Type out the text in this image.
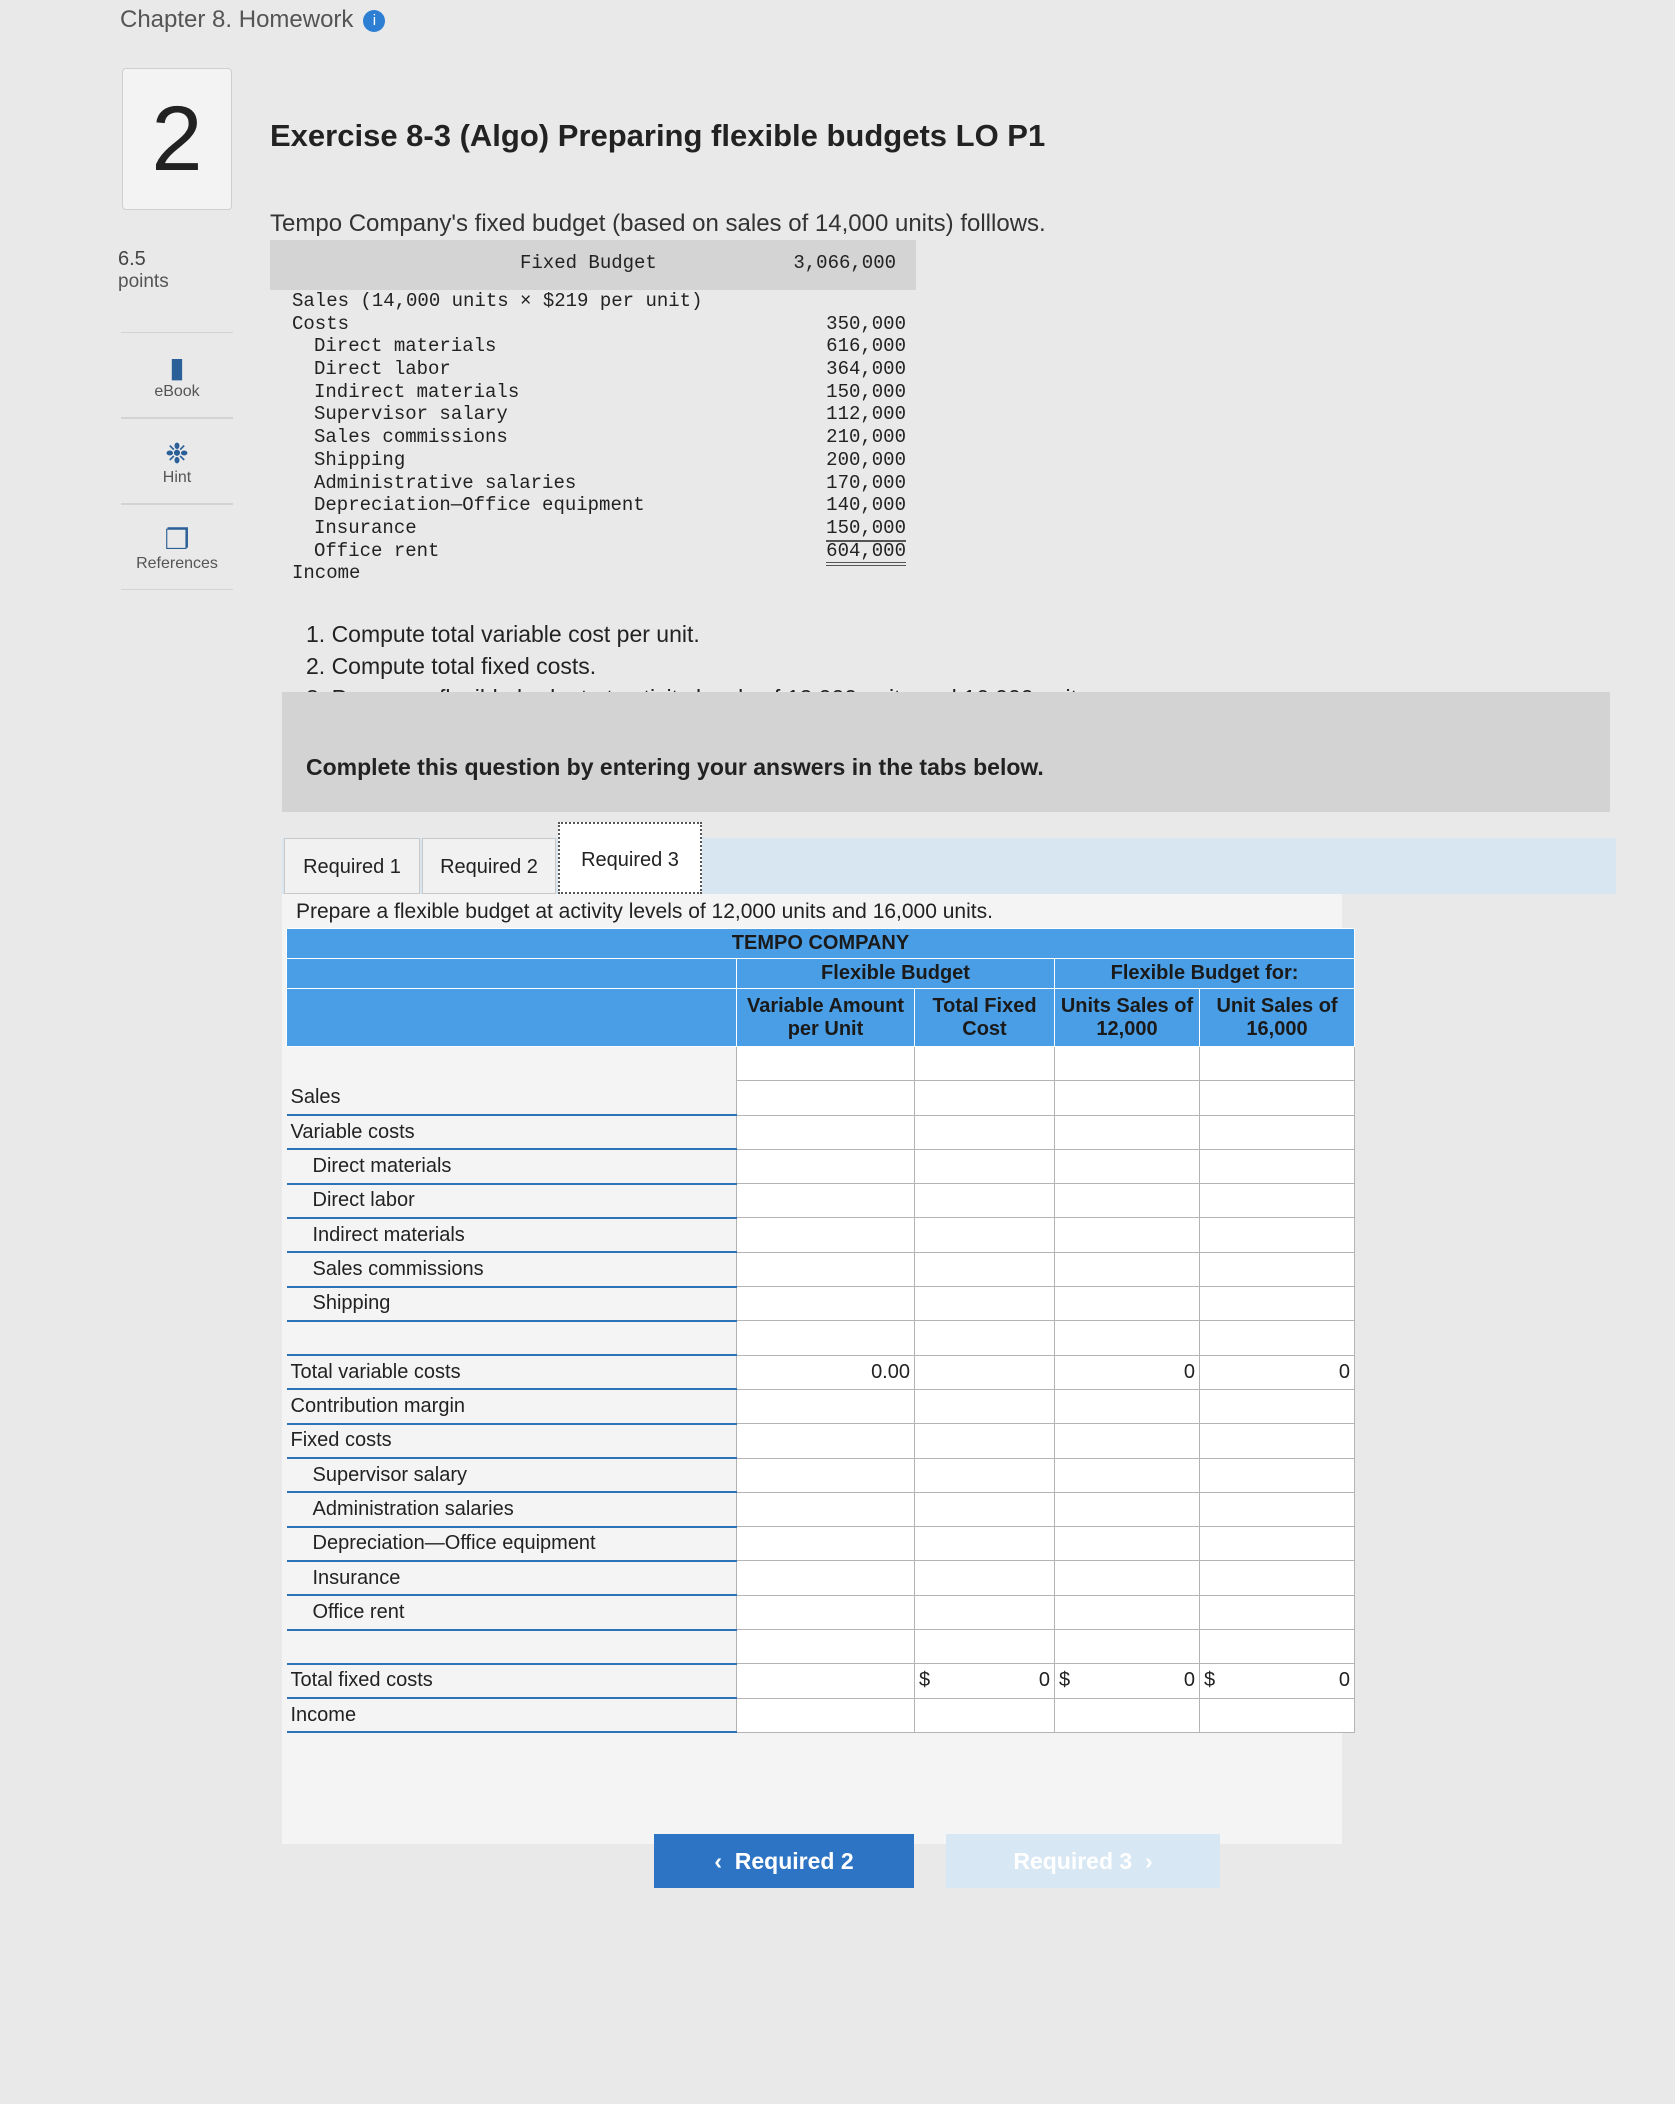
Chapter 8. Homework i
2
6.5
points
▮
eBook
❉
Hint
❐
References
Exercise 8-3 (Algo) Preparing flexible budgets LO P1
Tempo Company's fixed budget (based on sales of 14,000 units) folllows.
Fixed Budget	3,066,000
Sales (14,000 units × $219 per unit)
Costs	350,000
Direct materials	616,000
Direct labor	364,000
Indirect materials	150,000
Supervisor salary	112,000
Sales commissions	210,000
Shipping	200,000
Administrative salaries	170,000
Depreciation—Office equipment	140,000
Insurance	150,000
Office rent	604,000
Income
1. Compute total variable cost per unit.
2. Compute total fixed costs.
Complete this question by entering your answers in the tabs below.
Required 1	Required 2	Required 3
Prepare a flexible budget at activity levels of 12,000 units and 16,000 units.
TEMPO COMPANY				
	Flexible Budget		Flexible Budget for:	
	Variable Amount per Unit	Total Fixed Cost	Units Sales of 12,000	Unit Sales of 16,000

Sales				
Variable costs				
Direct materials				
Direct labor				
Indirect materials				
Sales commissions				
Shipping				

Total variable costs	0.00		0	0
Contribution margin				
Fixed costs				
Supervisor salary				
Administration salaries				
Depreciation—Office equipment				
Insurance				
Office rent				

Total fixed costs		$ 0	$ 0	$ 0
Income				
‹ Required 2	Required 3 ›
